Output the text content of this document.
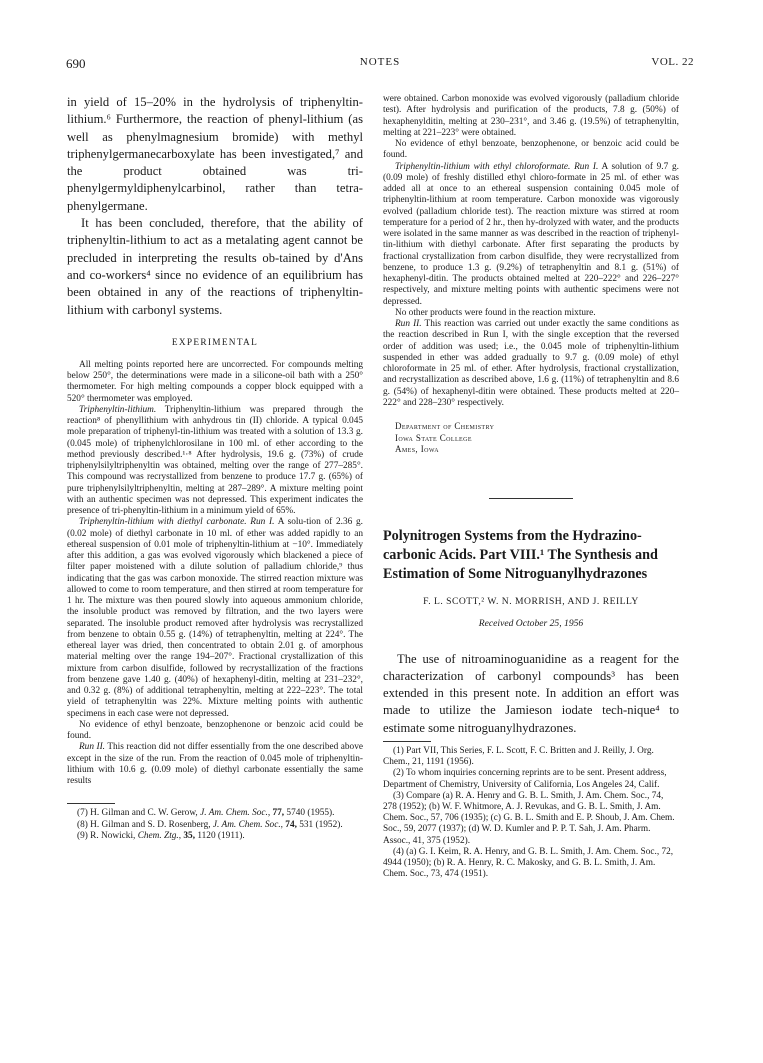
690	NOTES	VOL. 22

in yield of 15–20% in the hydrolysis of triphenyltin-lithium.⁶ Furthermore, the reaction of phenyl-lithium (as well as phenylmagnesium bromide) with methyl triphenylgermanecarboxylate has been investigated,⁷ and the product obtained was tri-phenylgermyldiphenylcarbinol, rather than tetra-phenylgermane.

It has been concluded, therefore, that the ability of triphenyltin-lithium to act as a metalating agent cannot be precluded in interpreting the results ob-tained by d'Ans and co-workers⁴ since no evidence of an equilibrium has been obtained in any of the reactions of triphenyltin-lithium with carbonyl systems.

EXPERIMENTAL

All melting points reported here are uncorrected. For compounds melting below 250°, the determinations were made in a silicone-oil bath with a 250° thermometer. For high melting compounds a copper block equipped with a 520° thermometer was employed.

Triphenyltin-lithium. Triphenyltin-lithium was prepared through the reaction⁸ of phenyllithium with anhydrous tin (II) chloride. A typical 0.045 mole preparation of triphenyl-tin-lithium was treated with a solution of 13.3 g. (0.045 mole) of triphenylchlorosilane in 100 ml. of ether according to the method previously described.¹·⁸ After hydrolysis, 19.6 g. (73%) of crude triphenylsilyltriphenyltin was obtained, melting over the range of 277–285°. This compound was recrystallized from benzene to produce 17.7 g. (65%) of pure triphenylsilyltriphenyltin, melting at 287–289°. A mixture melting point with an authentic specimen was not depressed. This experiment indicates the presence of tri-phenyltin-lithium in a minimum yield of 65%.

Triphenyltin-lithium with diethyl carbonate. Run I. A solu-tion of 2.36 g. (0.02 mole) of diethyl carbonate in 10 ml. of ether was added rapidly to an ethereal suspension of 0.01 mole of triphenyltin-lithium at −10°. Immediately after this addition, a gas was evolved vigorously which blackened a piece of filter paper moistened with a dilute solution of palladium chloride,⁹ thus indicating that the gas was carbon monoxide. The stirred reaction mixture was allowed to come to room temperature, and then stirred at room temperature for 1 hr. The mixture was then poured slowly into aqueous ammonium chloride, the insoluble product was removed by filtration, and the two layers were separated. The insoluble product removed after hydrolysis was recrystallized from benzene to obtain 0.55 g. (14%) of tetraphenyltin, melting at 224°. The ethereal layer was dried, then concentrated to obtain 2.01 g. of amorphous material melting over the range 194–207°. Fractional crystallization of this mixture from carbon disulfide, followed by recrystallization of the fractions from benzene gave 1.40 g. (40%) of hexaphenyl-ditin, melting at 231–232°, and 0.32 g. (8%) of additional tetraphenyltin, melting at 222–223°. The total yield of tetraphenyltin was 22%. Mixture melting points with authentic specimens in each case were not depressed.

No evidence of ethyl benzoate, benzophenone or benzoic acid could be found.

Run II. This reaction did not differ essentially from the one described above except in the size of the run. From the reaction of 0.045 mole of triphenyltin-lithium with 10.6 g. (0.09 mole) of diethyl carbonate essentially the same results

(7) H. Gilman and C. W. Gerow, J. Am. Chem. Soc., 77, 5740 (1955).

(8) H. Gilman and S. D. Rosenberg, J. Am. Chem. Soc., 74, 531 (1952).

(9) R. Nowicki, Chem. Ztg., 35, 1120 (1911).

were obtained. Carbon monoxide was evolved vigorously (palladium chloride test). After hydrolysis and purification of the products, 7.8 g. (50%) of hexaphenylditin, melting at 230–231°, and 3.46 g. (19.5%) of tetraphenyltin, melting at 221–223° were obtained.

No evidence of ethyl benzoate, benzophenone, or benzoic acid could be found.

Triphenyltin-lithium with ethyl chloroformate. Run I. A solution of 9.7 g. (0.09 mole) of freshly distilled ethyl chloro-formate in 25 ml. of ether was added all at once to an ethereal suspension containing 0.045 mole of triphenyltin-lithium at room temperature. Carbon monoxide was vigorously evolved (palladium chloride test). The reaction mixture was stirred at room temperature for a period of 2 hr., then hy-drolyzed with water, and the products were isolated in the same manner as was described in the reaction of triphenyl-tin-lithium with diethyl carbonate. After first separating the products by fractional crystallization from carbon disulfide, they were recrystallized from benzene, to produce 1.3 g. (9.2%) of tetraphenyltin and 8.1 g. (51%) of hexaphenyl-ditin. The products obtained melted at 220–222° and 226–227° respectively, and mixture melting points with authentic specimens were not depressed.

No other products were found in the reaction mixture.

Run II. This reaction was carried out under exactly the same conditions as the reaction described in Run I, with the single exception that the reversed order of addition was used; i.e., the 0.045 mole of triphenyltin-lithium suspended in ether was added gradually to 9.7 g. (0.09 mole) of ethyl chloroformate in 25 ml. of ether. After hydrolysis, fractional crystallization, and recrystallization as described above, 1.6 g. (11%) of tetraphenyltin and 8.6 g. (54%) of hexaphenyl-ditin were obtained. These products melted at 220–222° and 228–230° respectively.

Department of Chemistry
Iowa State College
Ames, Iowa

Polynitrogen Systems from the Hydrazino-carbonic Acids. Part VIII.¹ The Synthesis and Estimation of Some Nitroguanylhydrazones

F. L. SCOTT,² W. N. MORRISH, AND J. REILLY

Received October 25, 1956

The use of nitroaminoguanidine as a reagent for the characterization of carbonyl compounds³ has been extended in this present note. In addition an effort was made to utilize the Jamieson iodate tech-nique⁴ to estimate some nitroguanylhydrazones.

(1) Part VII, This Series, F. L. Scott, F. C. Britten and J. Reilly, J. Org. Chem., 21, 1191 (1956).

(2) To whom inquiries concerning reprints are to be sent. Present address, Department of Chemistry, University of California, Los Angeles 24, Calif.

(3) Compare (a) R. A. Henry and G. B. L. Smith, J. Am. Chem. Soc., 74, 278 (1952); (b) W. F. Whitmore, A. J. Revukas, and G. B. L. Smith, J. Am. Chem. Soc., 57, 706 (1935); (c) G. B. L. Smith and E. P. Shoub, J. Am. Chem. Soc., 59, 2077 (1937); (d) W. D. Kumler and P. P. T. Sah, J. Am. Pharm. Assoc., 41, 375 (1952).

(4) (a) G. I. Keim, R. A. Henry, and G. B. L. Smith, J. Am. Chem. Soc., 72, 4944 (1950); (b) R. A. Henry, R. C. Makosky, and G. B. L. Smith, J. Am. Chem. Soc., 73, 474 (1951).
